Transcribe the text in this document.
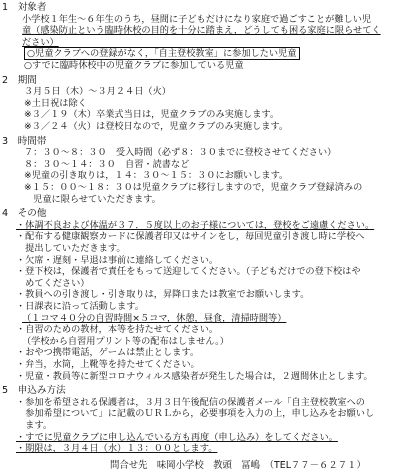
1　対象者
小学校１年生～６年生のうち，昼間に子どもだけになり家庭で過ごすことが難しい児
童（感染防止という臨時休校の目的を十分に踏まえ，どうしても困る家庭に限らせてく
ださい）
○児童クラブへの登録がなく，「自主登校教室」に参加したい児童
○すでに臨時休校中の児童クラブに参加している児童
2　期間
３月５日（木）～３月２４日（火）
※土日祝は除く
※３／１９（木）卒業式当日は，児童クラブのみ実施します。
※３／２４（火）は登校日なので，児童クラブのみ実施します。
3　時間帯
７：３０～８：３０　受入時間（必ず８：３０までに登校させてください）
８：３０～１４：３０　自習・読書など
※児童の引き取りは，１４：３０～１５：３０にお願いします。
※１５：００～１８：３０は児童クラブに移行しますので，児童クラブ登録済みの
　児童に限らせていただきます。
4　その他
・体調不良および体温が３７．５度以上のお子様については，登校をご遠慮ください。
・配布する健康観察カードに保護者印又はサインをし，毎回児童引き渡し時に学校へ
　提出していただきます。
・欠席・遅刻・早退は事前に連絡してください。
・登下校は，保護者で責任をもって送迎してください。（子どもだけでの登下校はや
　めてください）
・教員への引き渡し・引き取りは，昇降口または教室でお願いします。
・日課表に沿って活動します。
（１コマ４０分の自習時間×５コマ，休憩，昼食，清掃時間等）
・自習のための教材，本等を持たせてください。
（学校から自習用プリント等の配布はしません。）
・おやつ携帯電話，ゲームは禁止とします。
・弁当，水筒，上靴等を持たせてください。
・児童・教員等に新型コロナウィルス感染者が発生した場合は，２週間休止とします。
5　申込み方法
・参加を希望される保護者は，３月３日午後配信の保護者メール「自主登校教室への
　参加希望について」に記載のＵＲＬから，必要事項を入力の上，申し込みをお願いし
　ます。
・すでに児童クラブに申し込んでいる方も再度（申し込み）をしてください。
・期限は，３月４日（水）１３：００とします。
問合せ先　味岡小学校　教頭　冨嶋　（TEL７７－６２７１）
